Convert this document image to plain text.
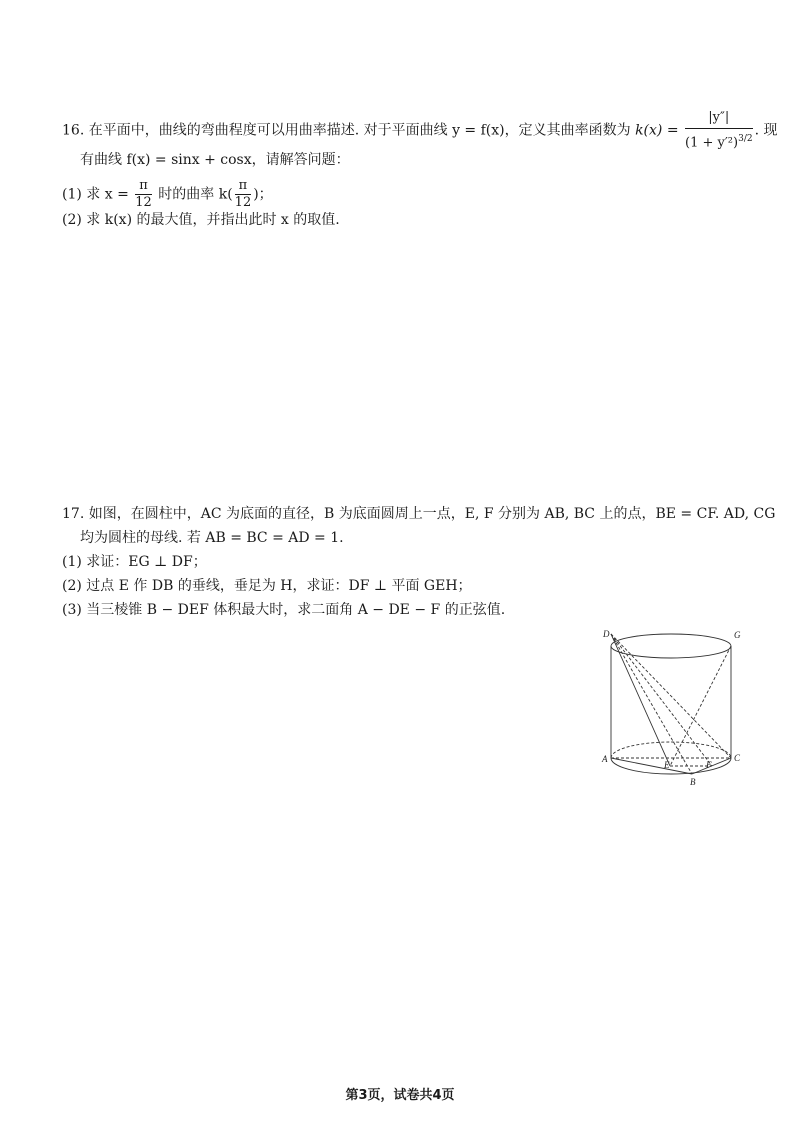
16. 在平面中，曲线的弯曲程度可以用曲率描述. 对于平面曲线 y = f(x)，定义其曲率函数为 $k(x) = \frac{|y''|}{(1 + y'^2)^{3/2}}$ . 现
有曲线 f(x) = sinx + cosx，请解答问题：
(1) 求 $x = \frac{\pi}{12}$ 时的曲率 $k( \frac{\pi}{12}$ )；
(2) 求 k(x) 的最大值，并指出此时 x 的取值.
17. 如图，在圆柱中，AC 为底面的直径，B 为底面圆周上一点，E, F 分别为 AB, BC 上的点，BE = CF. AD, CG
均为圆柱的母线. 若 AB = BC = AD = 1.
(1) 求证：EG ⊥ DF；
(2) 过点 E 作 DB 的垂线，垂足为 H，求证：DF ⊥ 平面 GEH；
(3) 当三棱锥 B − DEF 体积最大时，求二面角 A − DE − F 的正弦值.
D	G
A	C
E	F
B
第3页，试卷共4页
